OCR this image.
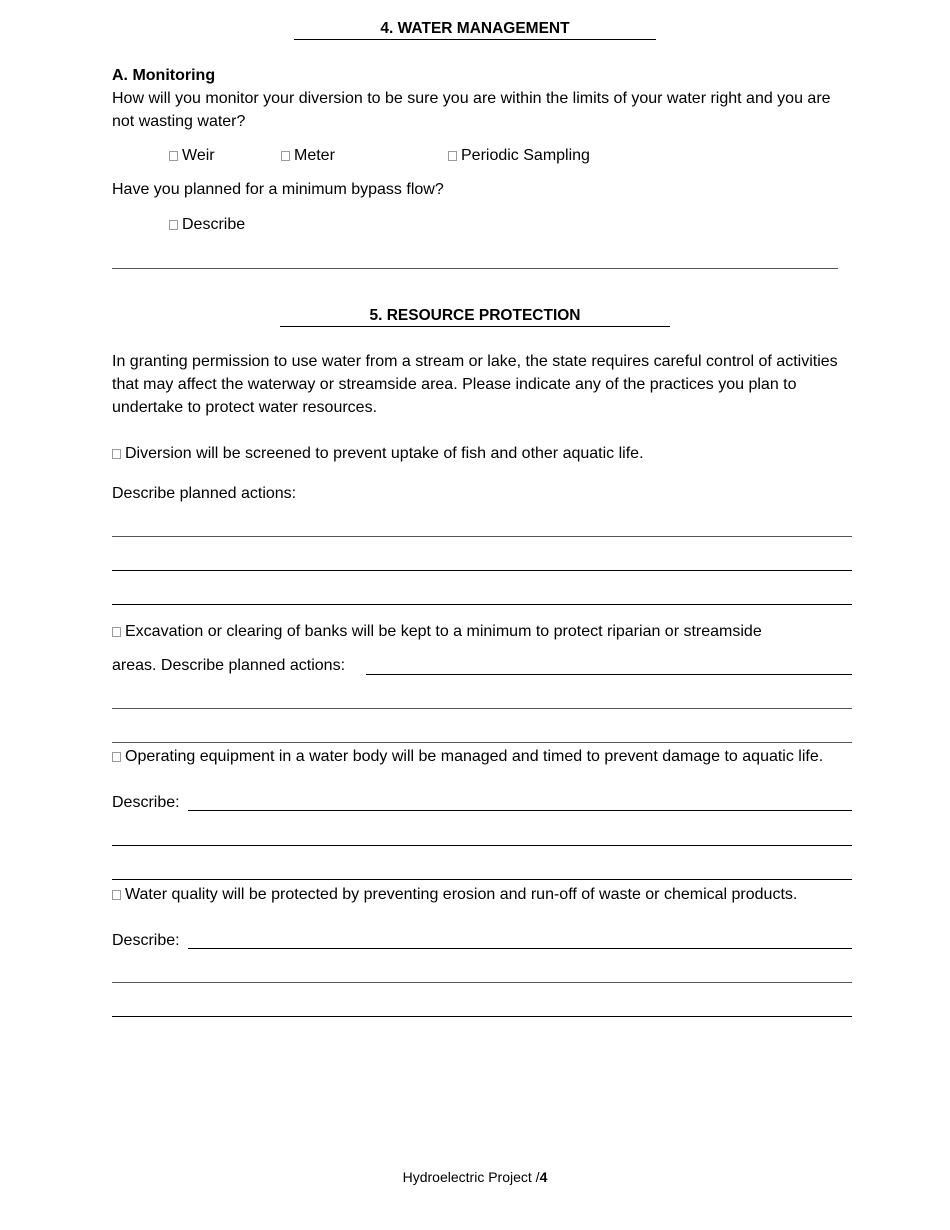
4. WATER MANAGEMENT
A. Monitoring
How will you monitor your diversion to be sure you are within the limits of your water right and you are not wasting water?
Weir	Meter	Periodic Sampling
Have you planned for a minimum bypass flow?
Describe
5. RESOURCE PROTECTION
In granting permission to use water from a stream or lake, the state requires careful control of activities that may affect the waterway or streamside area. Please indicate any of the practices you plan to undertake to protect water resources.
Diversion will be screened to prevent uptake of fish and other aquatic life.
Describe planned actions:
Excavation or clearing of banks will be kept to a minimum to protect riparian or streamside
areas. Describe planned actions:
Operating equipment in a water body will be managed and timed to prevent damage to aquatic life.
Describe:
Water quality will be protected by preventing erosion and run-off of waste or chemical products.
Describe:
Hydroelectric Project /4
